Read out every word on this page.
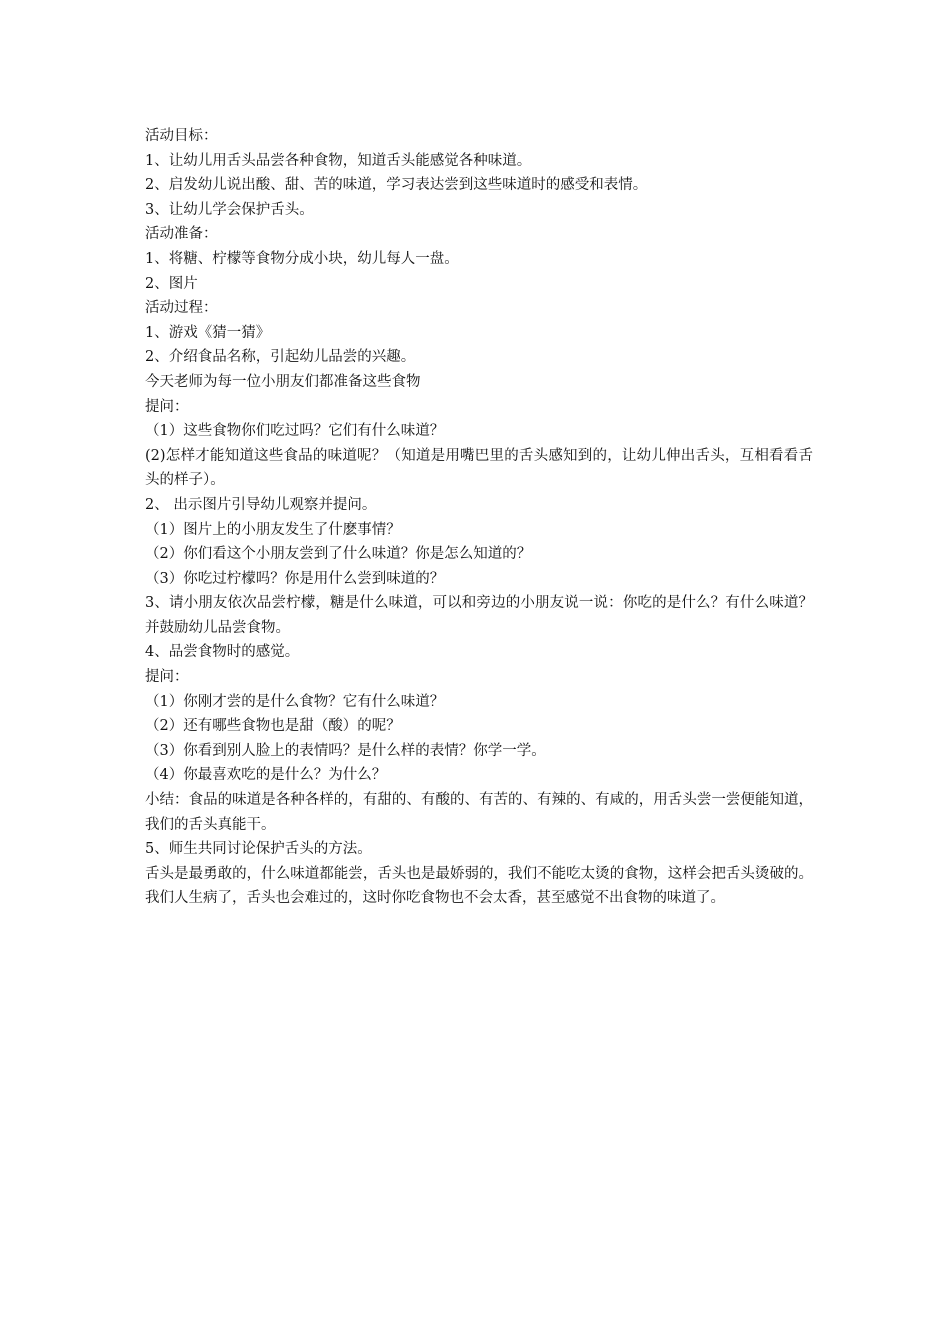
活动目标：
1、让幼儿用舌头品尝各种食物，知道舌头能感觉各种味道。
2、启发幼儿说出酸、甜、苦的味道，学习表达尝到这些味道时的感受和表情。
3、让幼儿学会保护舌头。
活动准备：
1、将糖、柠檬等食物分成小块，幼儿每人一盘。
2、图片
活动过程：
1、游戏《猜一猜》
2、介绍食品名称，引起幼儿品尝的兴趣。
今天老师为每一位小朋友们都准备这些食物
提问：
（1）这些食物你们吃过吗？它们有什么味道？
(2)怎样才能知道这些食品的味道呢？（知道是用嘴巴里的舌头感知到的，让幼儿伸出舌头，互相看看舌头的样子）。
2、 出示图片引导幼儿观察并提问。
（1）图片上的小朋友发生了什麽事情？
（2）你们看这个小朋友尝到了什么味道？你是怎么知道的？
（3）你吃过柠檬吗？你是用什么尝到味道的？
3、请小朋友依次品尝柠檬，糖是什么味道，可以和旁边的小朋友说一说：你吃的是什么？有什么味道？并鼓励幼儿品尝食物。
4、品尝食物时的感觉。
提问：
（1）你刚才尝的是什么食物？它有什么味道？
（2）还有哪些食物也是甜（酸）的呢？
（3）你看到别人脸上的表情吗？是什么样的表情？你学一学。
（4）你最喜欢吃的是什么？为什么？
小结：食品的味道是各种各样的，有甜的、有酸的、有苦的、有辣的、有咸的，用舌头尝一尝便能知道，我们的舌头真能干。
5、师生共同讨论保护舌头的方法。
舌头是最勇敢的，什么味道都能尝，舌头也是最娇弱的，我们不能吃太烫的食物，这样会把舌头烫破的。我们人生病了，舌头也会难过的，这时你吃食物也不会太香，甚至感觉不出食物的味道了。
